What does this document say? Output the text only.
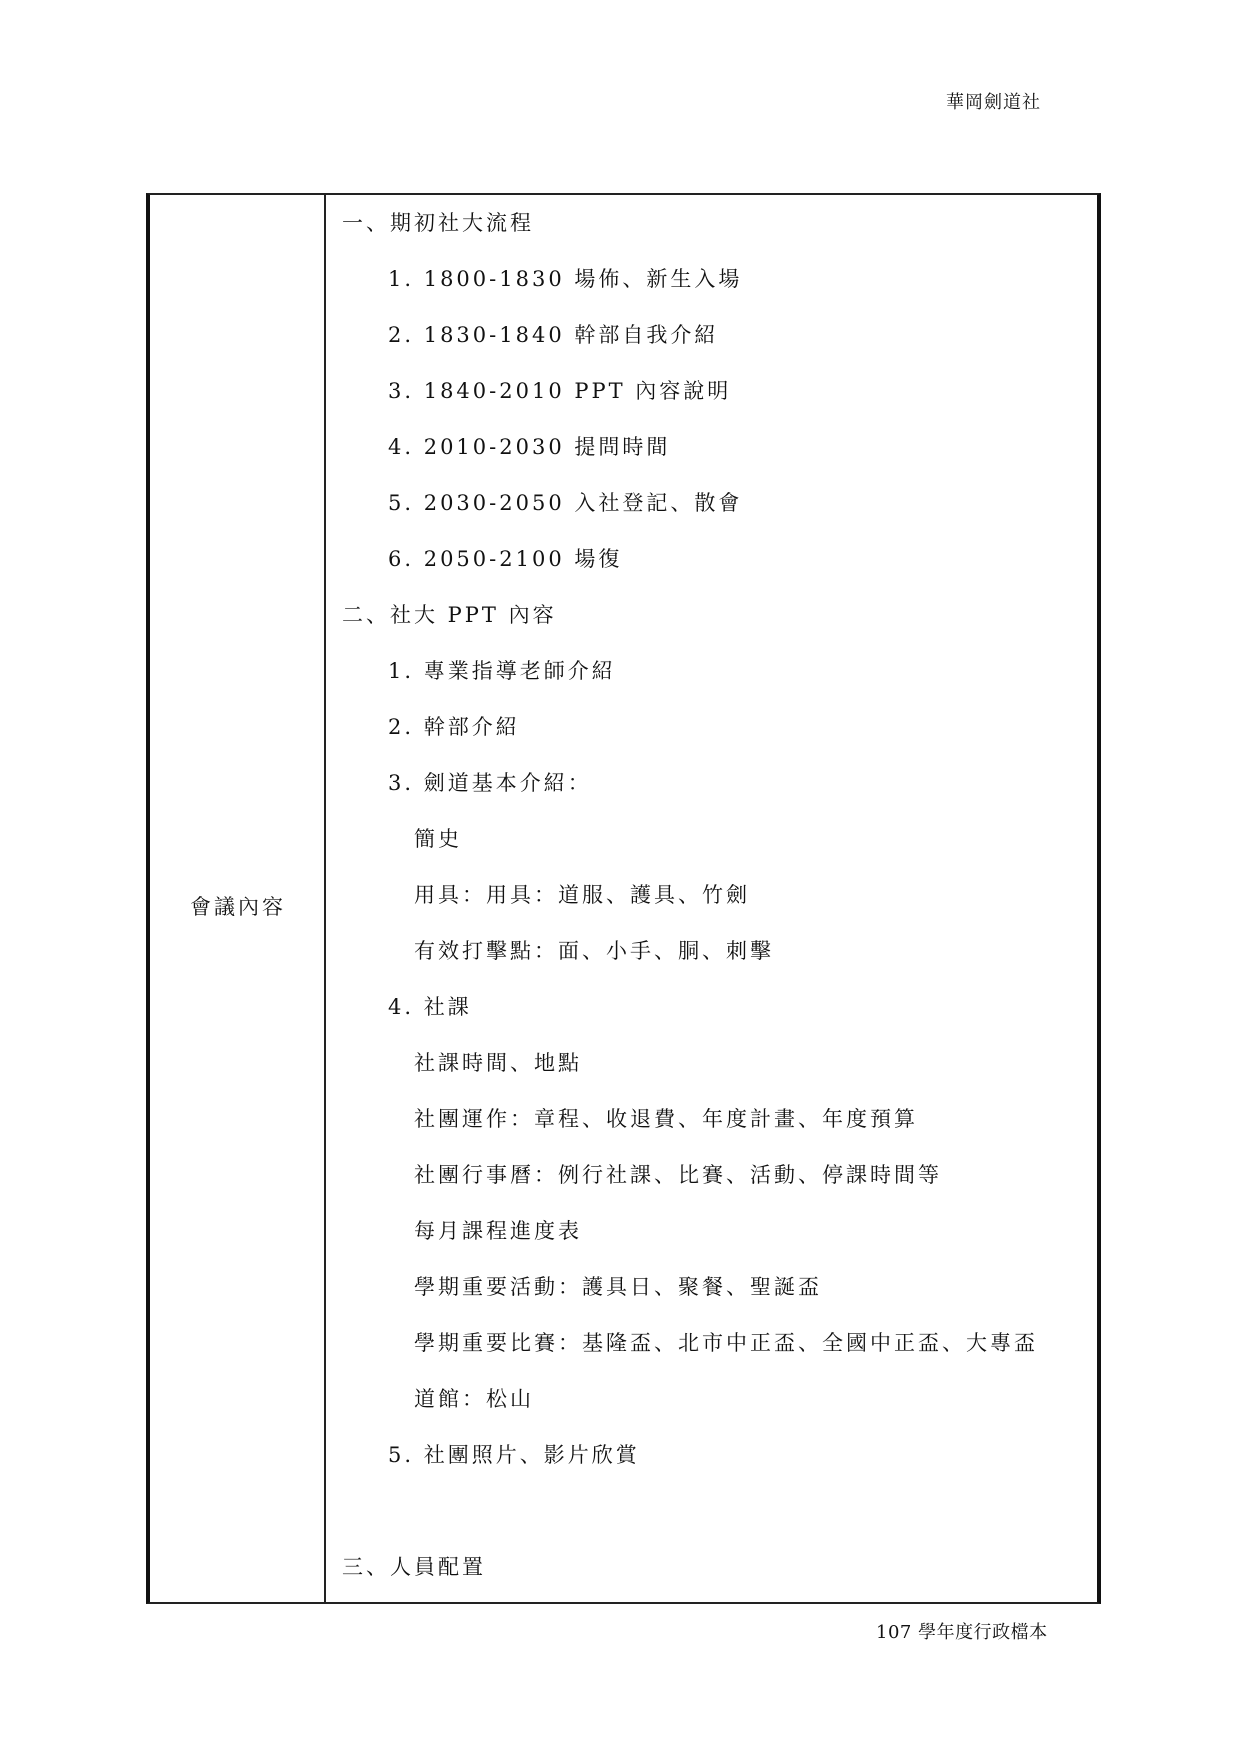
華岡劍道社
會議內容
一、期初社大流程
1. 1800-1830 場佈、新生入場
2. 1830-1840 幹部自我介紹
3. 1840-2010 PPT 內容說明
4. 2010-2030 提問時間
5. 2030-2050 入社登記、散會
6. 2050-2100 場復
二、社大 PPT 內容
1. 專業指導老師介紹
2. 幹部介紹
3. 劍道基本介紹：
簡史
用具：用具：道服、護具、竹劍
有效打擊點：面、小手、胴、刺擊
4. 社課
社課時間、地點
社團運作：章程、收退費、年度計畫、年度預算
社團行事曆：例行社課、比賽、活動、停課時間等
每月課程進度表
學期重要活動：護具日、聚餐、聖誕盃
學期重要比賽：基隆盃、北市中正盃、全國中正盃、大專盃
道館：松山
5. 社團照片、影片欣賞
三、人員配置
107 學年度行政檔本
